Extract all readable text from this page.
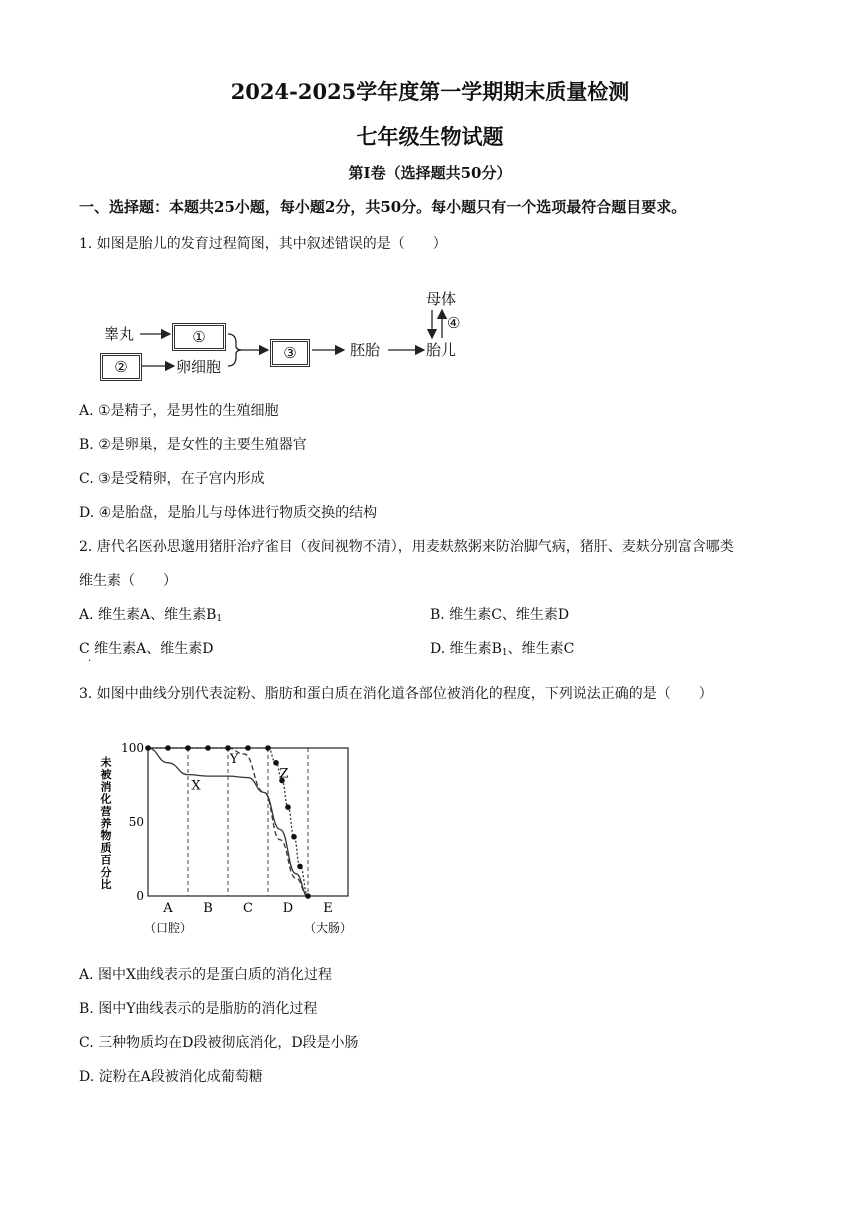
2024-2025学年度第一学期期末质量检测
七年级生物试题
第Ⅰ卷（选择题共50分）
一、选择题：本题共25小题，每小题2分，共50分。每小题只有一个选项最符合题目要求。
1. 如图是胎儿的发育过程简图，其中叙述错误的是（　　）
睾丸	①
②	卵细胞
③	胚胎	胎儿
母体
④
A. ①是精子，是男性的生殖细胞
B. ②是卵巢，是女性的主要生殖器官
C. ③是受精卵，在子宫内形成
D. ④是胎盘，是胎儿与母体进行物质交换的结构
2. 唐代名医孙思邈用猪肝治疗雀目（夜间视物不清），用麦麸熬粥来防治脚气病，猪肝、麦麸分别富含哪类
维生素（　　）
A. 维生素A、维生素$B_1$	B. 维生素C、维生素D
C 维生素A、维生素D
·
D. 维生素$B_1$、维生素C
3. 如图中曲线分别代表淀粉、脂肪和蛋白质在消化道各部位被消化的程度，下列说法正确的是（　　）
0
50
100
未
被
消
化
营
养
物
质
百
分
比
A
（口腔）
B C D E
（大肠）
X
Y
Z
A. 图中X曲线表示的是蛋白质的消化过程
B. 图中Y曲线表示的是脂肪的消化过程
C. 三种物质均在D段被彻底消化，D段是小肠
D. 淀粉在A段被消化成葡萄糖
